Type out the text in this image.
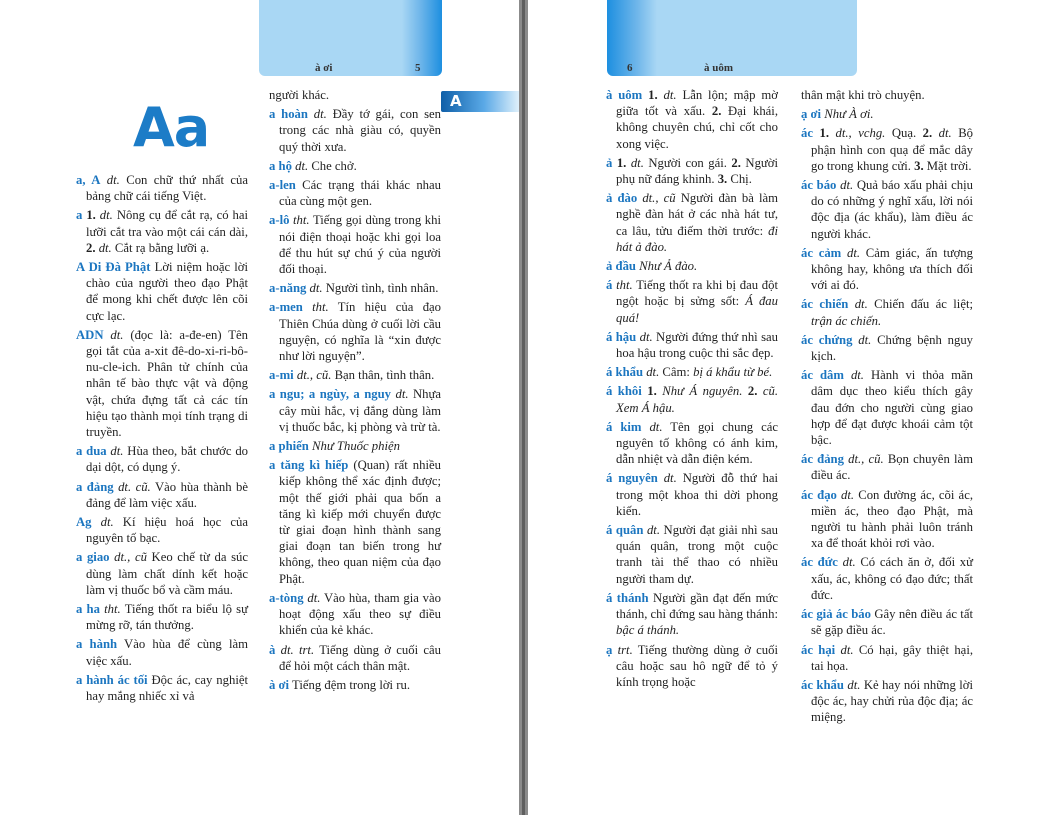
à ơi	5
Aa	A
a, A dt. Con chữ thứ nhất của bảng chữ cái tiếng Việt.
a 1. dt. Nông cụ để cắt rạ, có hai lưỡi cắt tra vào một cái cán dài, 2. dt. Cắt rạ bằng lưỡi ạ.
A Di Đà Phật Lời niệm hoặc lời chào của người theo đạo Phật để mong khi chết được lên cõi cực lạc.
ADN dt. (đọc là: a-đe-en) Tên gọi tắt của a-xit đê-do-xi-ri-bô-nu-cle-ich. Phân tử chính của nhân tế bào thực vật và động vật, chứa đựng tất cả các tín hiệu tạo thành mọi tính trạng di truyền.
a dua dt. Hùa theo, bắt chước do dại dột, có dụng ý.
a đảng dt. cũ. Vào hùa thành bè đảng để làm việc xấu.
Ag dt. Kí hiệu hoá học của nguyên tố bạc.
a giao dt., cũ Keo chế từ da súc dùng làm chất dính kết hoặc làm vị thuốc bổ và cầm máu.
a ha tht. Tiếng thốt ra biểu lộ sự mừng rỡ, tán thưởng.
a hành Vào hùa để cùng làm việc xấu.
a hành ác tối Độc ác, cay nghiệt hay mắng nhiếc xỉ vả
người khác.
a hoàn dt. Đầy tớ gái, con sen trong các nhà giàu có, quyền quý thời xưa.
a hộ dt. Che chở.
a-len Các trạng thái khác nhau của cùng một gen.
a-lô tht. Tiếng gọi dùng trong khi nói điện thoại hoặc khi gọi loa để thu hút sự chú ý của người đối thoại.
a-năng dt. Người tình, tình nhân.
a-men tht. Tín hiệu của đạo Thiên Chúa dùng ở cuối lời cầu nguyện, có nghĩa là “xin được như lời nguyện”.
a-mi dt., cũ. Bạn thân, tình thân.
a ngu; a ngùy, a nguy dt. Nhựa cây mùi hắc, vị đắng dùng làm vị thuốc bắc, kị phòng và trừ tà.
a phiến Như Thuốc phiện
a tăng kì hiếp (Quan) rất nhiều kiếp không thể xác định được; một thế giới phải qua bốn a tăng kì kiếp mới chuyển được từ giai đoạn hình thành sang giai đoạn tan biến trong hư không, theo quan niệm của đạo Phật.
a-tòng dt. Vào hùa, tham gia vào hoạt động xấu theo sự điều khiển của kẻ khác.
à dt. trt. Tiếng dùng ở cuối câu để hỏi một cách thân mật.
à ơi Tiếng đệm trong lời ru.
6	à uôm
à uôm 1. dt. Lẫn lộn; mập mờ giữa tốt và xấu. 2. Đại khái, không chuyên chú, chỉ cốt cho xong việc.
ả 1. dt. Người con gái. 2. Người phụ nữ đáng khinh. 3. Chị.
ả đào dt., cũ Người đàn bà làm nghề đàn hát ở các nhà hát tư, ca lâu, tửu điếm thời trước: đi hát ả đào.
ả đầu Như Ả đào.
á tht. Tiếng thốt ra khi bị đau đột ngột hoặc bị sửng sốt: Á đau quá!
á hậu dt. Người đứng thứ nhì sau hoa hậu trong cuộc thi sắc đẹp.
á khẩu dt. Câm: bị á khẩu từ bé.
á khôi 1. Như Á nguyên. 2. cũ. Xem Á hậu.
á kim dt. Tên gọi chung các nguyên tố không có ánh kim, dẫn nhiệt và dẫn điện kém.
á nguyên dt. Người đỗ thứ hai trong một khoa thi dời phong kiến.
á quân dt. Người đạt giải nhì sau quán quân, trong một cuộc tranh tài thể thao có nhiều người tham dự.
á thánh Người gần đạt đến mức thánh, chỉ đứng sau hàng thánh: bậc á thánh.
ạ trt. Tiếng thường dùng ở cuối câu hoặc sau hô ngữ để tỏ ý kính trọng hoặc
thân mật khi trò chuyện.
ạ ơi Như À ơi.
ác 1. dt., vchg. Quạ. 2. dt. Bộ phận hình con quạ để mắc dây go trong khung cửi. 3. Mặt trời.
ác báo dt. Quả báo xấu phải chịu do có những ý nghĩ xấu, lời nói độc địa (ác khẩu), làm điều ác người khác.
ác cảm dt. Cảm giác, ấn tượng không hay, không ưa thích đối với ai đó.
ác chiến dt. Chiến đấu ác liệt; trận ác chiến.
ác chứng dt. Chứng bệnh nguy kịch.
ác dâm dt. Hành vi thỏa mãn dâm dục theo kiểu thích gây đau đớn cho người cùng giao hợp để đạt được khoái cảm tột bậc.
ác đảng dt., cũ. Bọn chuyên làm điều ác.
ác đạo dt. Con đường ác, cõi ác, miền ác, theo đạo Phật, mà người tu hành phải luôn tránh xa để thoát khỏi rơi vào.
ác đức dt. Có cách ăn ở, đối xử xấu, ác, không có đạo đức; thất đức.
ác giả ác báo Gây nên điều ác tất sẽ gặp điều ác.
ác hại dt. Có hại, gây thiệt hại, tai họa.
ác khẩu dt. Kẻ hay nói những lời độc ác, hay chửi rủa độc địa; ác miệng.
